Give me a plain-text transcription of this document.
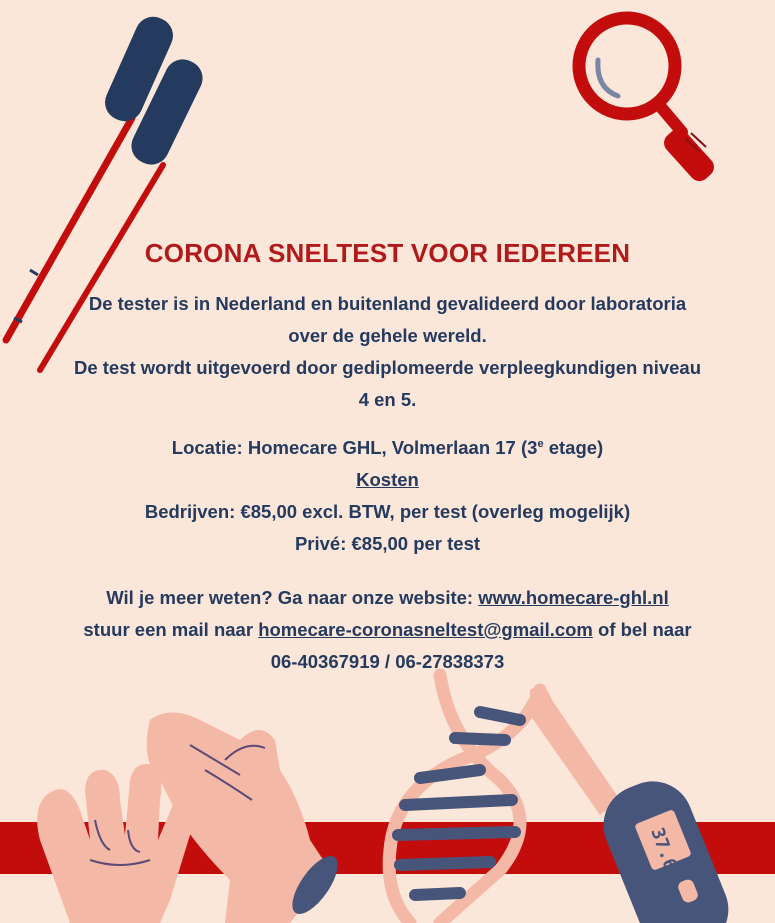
37.6
CORONA SNELTEST VOOR IEDEREEN
De tester is in Nederland en buitenland gevalideerd door laboratoria
over de gehele wereld.
De test wordt uitgevoerd door gediplomeerde verpleegkundigen niveau
4 en 5.
Locatie: Homecare GHL, Volmerlaan 17 (3e etage)
Kosten
Bedrijven: €85,00 excl. BTW, per test (overleg mogelijk)
Privé: €85,00 per test
Wil je meer weten? Ga naar onze website: www.homecare-ghl.nl
stuur een mail naar homecare-coronasneltest@gmail.com of bel naar
06-40367919 / 06-27838373
